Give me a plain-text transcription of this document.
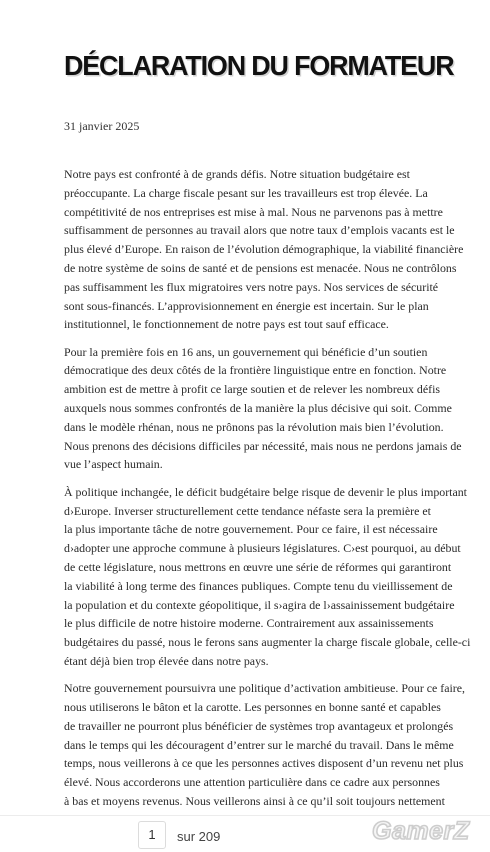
DÉCLARATION DU FORMATEUR

31 janvier 2025

Notre pays est confronté à de grands défis. Notre situation budgétaire est
préoccupante. La charge fiscale pesant sur les travailleurs est trop élevée. La
compétitivité de nos entreprises est mise à mal. Nous ne parvenons pas à mettre
suffisamment de personnes au travail alors que notre taux d’emplois vacants est le
plus élevé d’Europe. En raison de l’évolution démographique, la viabilité financière
de notre système de soins de santé et de pensions est menacée. Nous ne contrôlons
pas suffisamment les flux migratoires vers notre pays. Nos services de sécurité
sont sous-financés. L’approvisionnement en énergie est incertain. Sur le plan
institutionnel, le fonctionnement de notre pays est tout sauf efficace.

Pour la première fois en 16 ans, un gouvernement qui bénéficie d’un soutien
démocratique des deux côtés de la frontière linguistique entre en fonction. Notre
ambition est de mettre à profit ce large soutien et de relever les nombreux défis
auxquels nous sommes confrontés de la manière la plus décisive qui soit. Comme
dans le modèle rhénan, nous ne prônons pas la révolution mais bien l’évolution.
Nous prenons des décisions difficiles par nécessité, mais nous ne perdons jamais de
vue l’aspect humain.

À politique inchangée, le déficit budgétaire belge risque de devenir le plus important
d›Europe. Inverser structurellement cette tendance néfaste sera la première et
la plus importante tâche de notre gouvernement. Pour ce faire, il est nécessaire
d›adopter une approche commune à plusieurs législatures. C›est pourquoi, au début
de cette législature, nous mettrons en œuvre une série de réformes qui garantiront
la viabilité à long terme des finances publiques. Compte tenu du vieillissement de
la population et du contexte géopolitique, il s›agira de l›assainissement budgétaire
le plus difficile de notre histoire moderne. Contrairement aux assainissements
budgétaires du passé, nous le ferons sans augmenter la charge fiscale globale, celle-ci
étant déjà bien trop élevée dans notre pays.

Notre gouvernement poursuivra une politique d’activation ambitieuse. Pour ce faire,
nous utiliserons le bâton et la carotte. Les personnes en bonne santé et capables
de travailler ne pourront plus bénéficier de systèmes trop avantageux et prolongés
dans le temps qui les découragent d’entrer sur le marché du travail. Dans le même
temps, nous veillerons à ce que les personnes actives disposent d’un revenu net plus
élevé. Nous accorderons une attention particulière dans ce cadre aux personnes
à bas et moyens revenus. Nous veillerons ainsi à ce qu’il soit toujours nettement

1	sur 209	GamerZ
